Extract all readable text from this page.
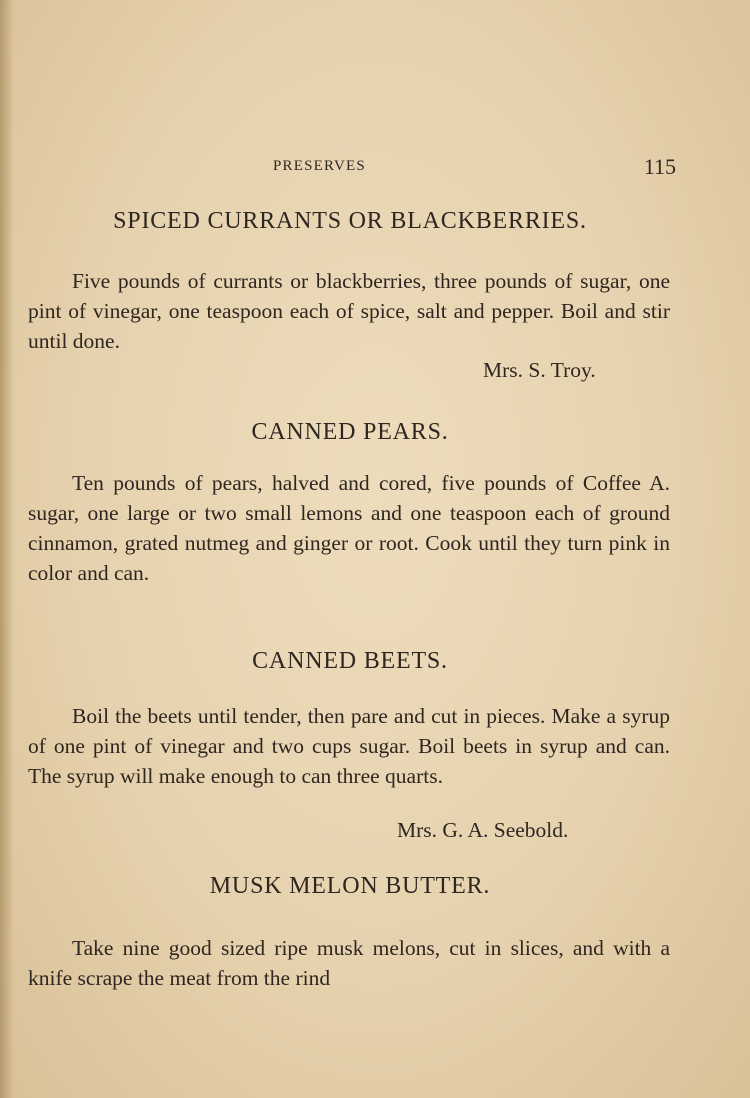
PRESERVES	115
SPICED CURRANTS OR BLACKBERRIES.
Five pounds of currants or blackberries, three pounds of sugar, one pint of vinegar, one teaspoon each of spice, salt and pepper. Boil and stir until done.
Mrs. S. Troy.
CANNED PEARS.
Ten pounds of pears, halved and cored, five pounds of Coffee A. sugar, one large or two small lemons and one teaspoon each of ground cinnamon, grated nutmeg and ginger or root. Cook until they turn pink in color and can.
CANNED BEETS.
Boil the beets until tender, then pare and cut in pieces. Make a syrup of one pint of vinegar and two cups sugar. Boil beets in syrup and can. The syrup will make enough to can three quarts.
Mrs. G. A. Seebold.
MUSK MELON BUTTER.
Take nine good sized ripe musk melons, cut in slices, and with a knife scrape the meat from the rind
